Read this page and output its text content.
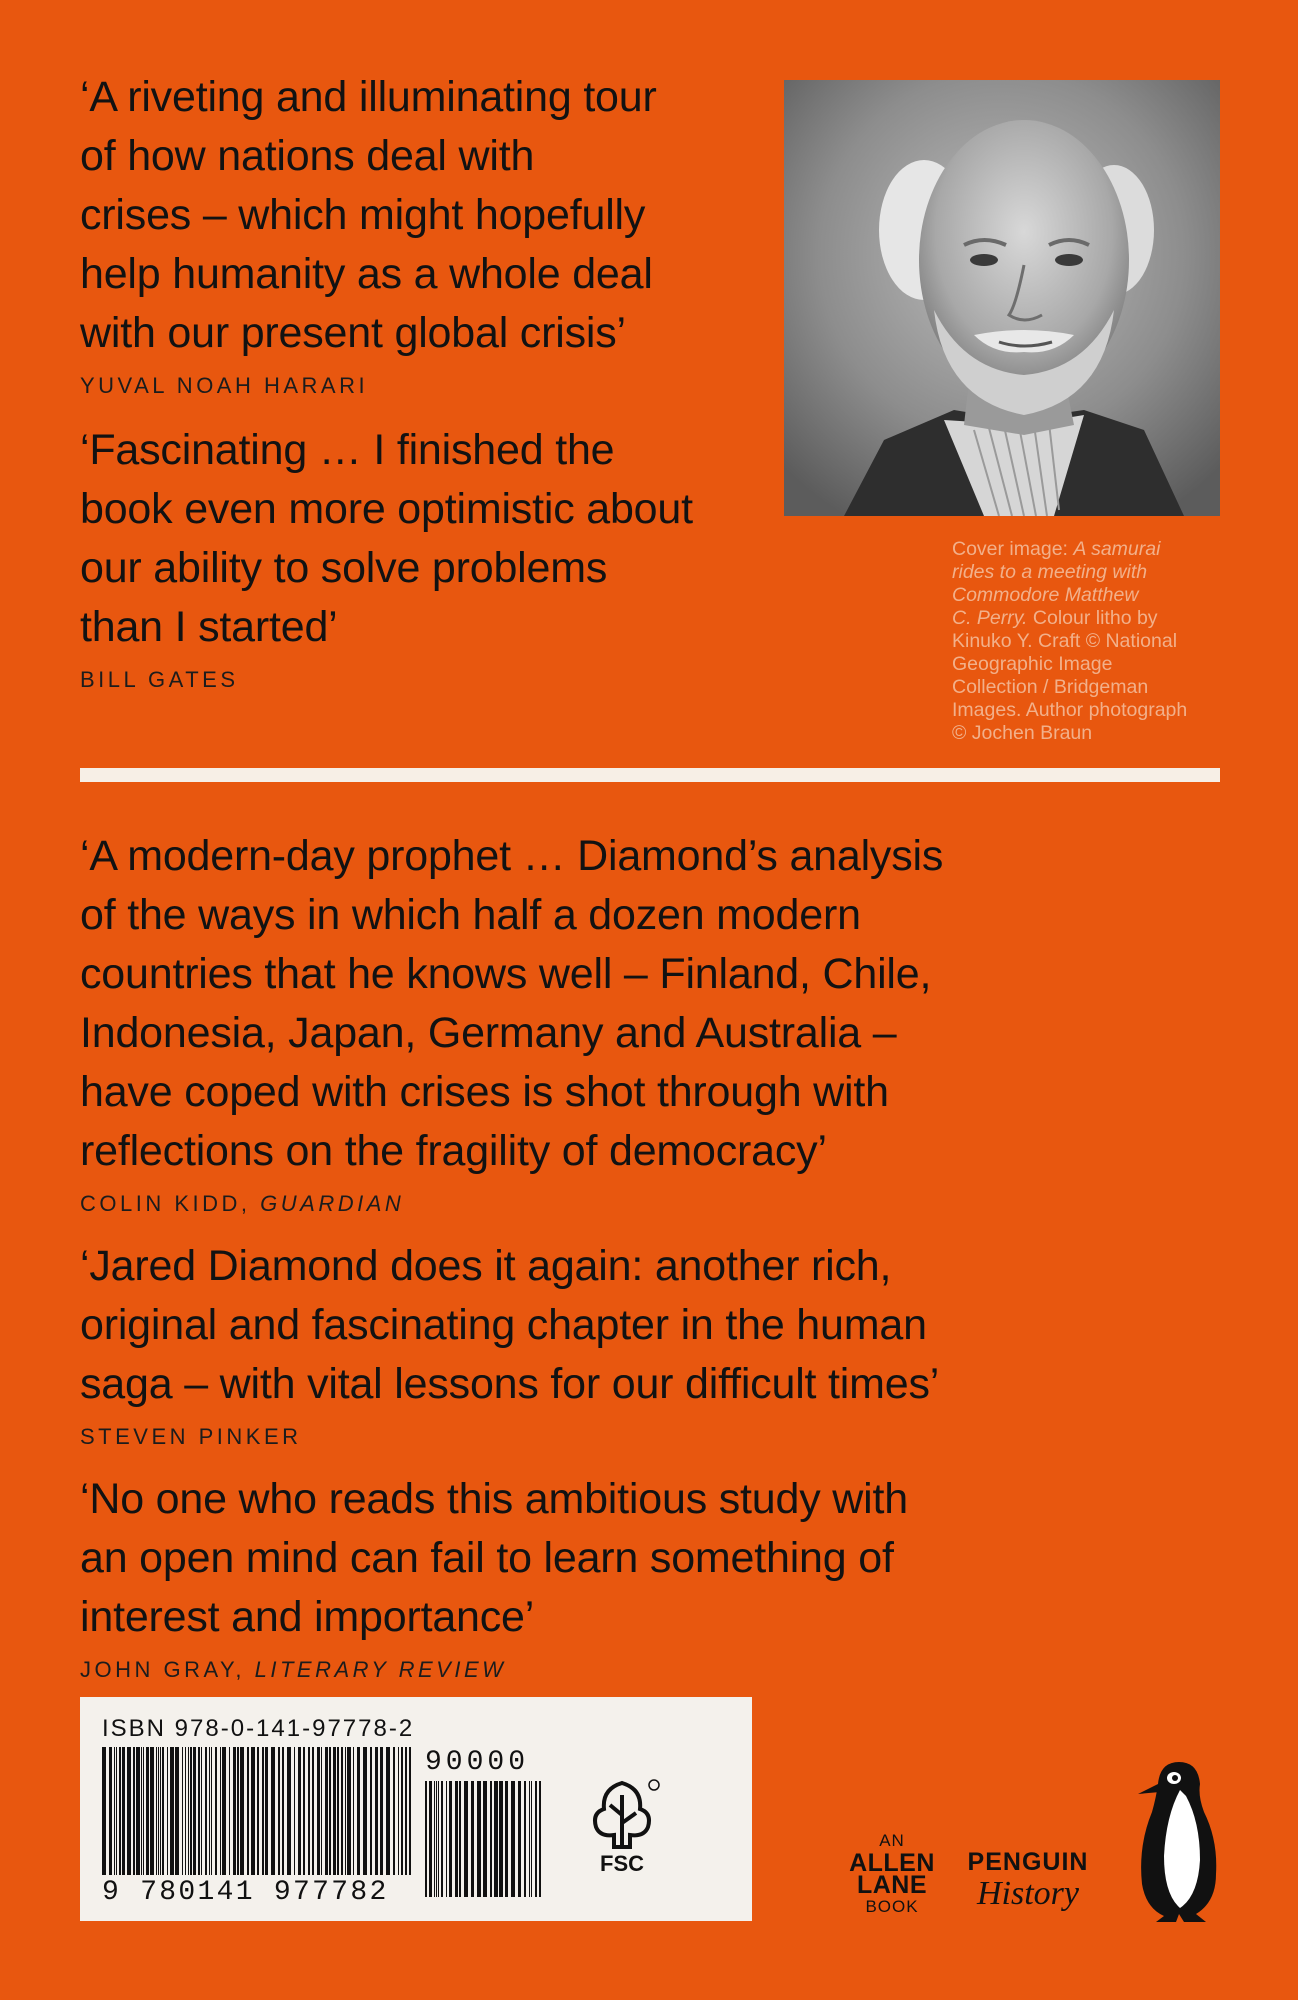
‘A riveting and illuminating tour
of how nations deal with
crises – which might hopefully
help humanity as a whole deal
with our present global crisis’
YUVAL NOAH HARARI
‘Fascinating … I finished the
book even more optimistic about
our ability to solve problems
than I started’
BILL GATES
Cover image: A samurai
rides to a meeting with
Commodore Matthew
C. Perry. Colour litho by
Kinuko Y. Craft © National
Geographic Image
Collection / Bridgeman
Images. Author photograph
© Jochen Braun
‘A modern-day prophet … Diamond’s analysis
of the ways in which half a dozen modern
countries that he knows well – Finland, Chile,
Indonesia, Japan, Germany and Australia –
have coped with crises is shot through with
reflections on the fragility of democracy’
COLIN KIDD, GUARDIAN
‘Jared Diamond does it again: another rich,
original and fascinating chapter in the human
saga – with vital lessons for our difficult times’
STEVEN PINKER
‘No one who reads this ambitious study with
an open mind can fail to learn something of
interest and importance’
JOHN GRAY, LITERARY REVIEW
ISBN 978-0-141-97778-2
9 780141 977782
90000
FSC
AN
ALLEN
LANE
BOOK
PENGUIN
History
